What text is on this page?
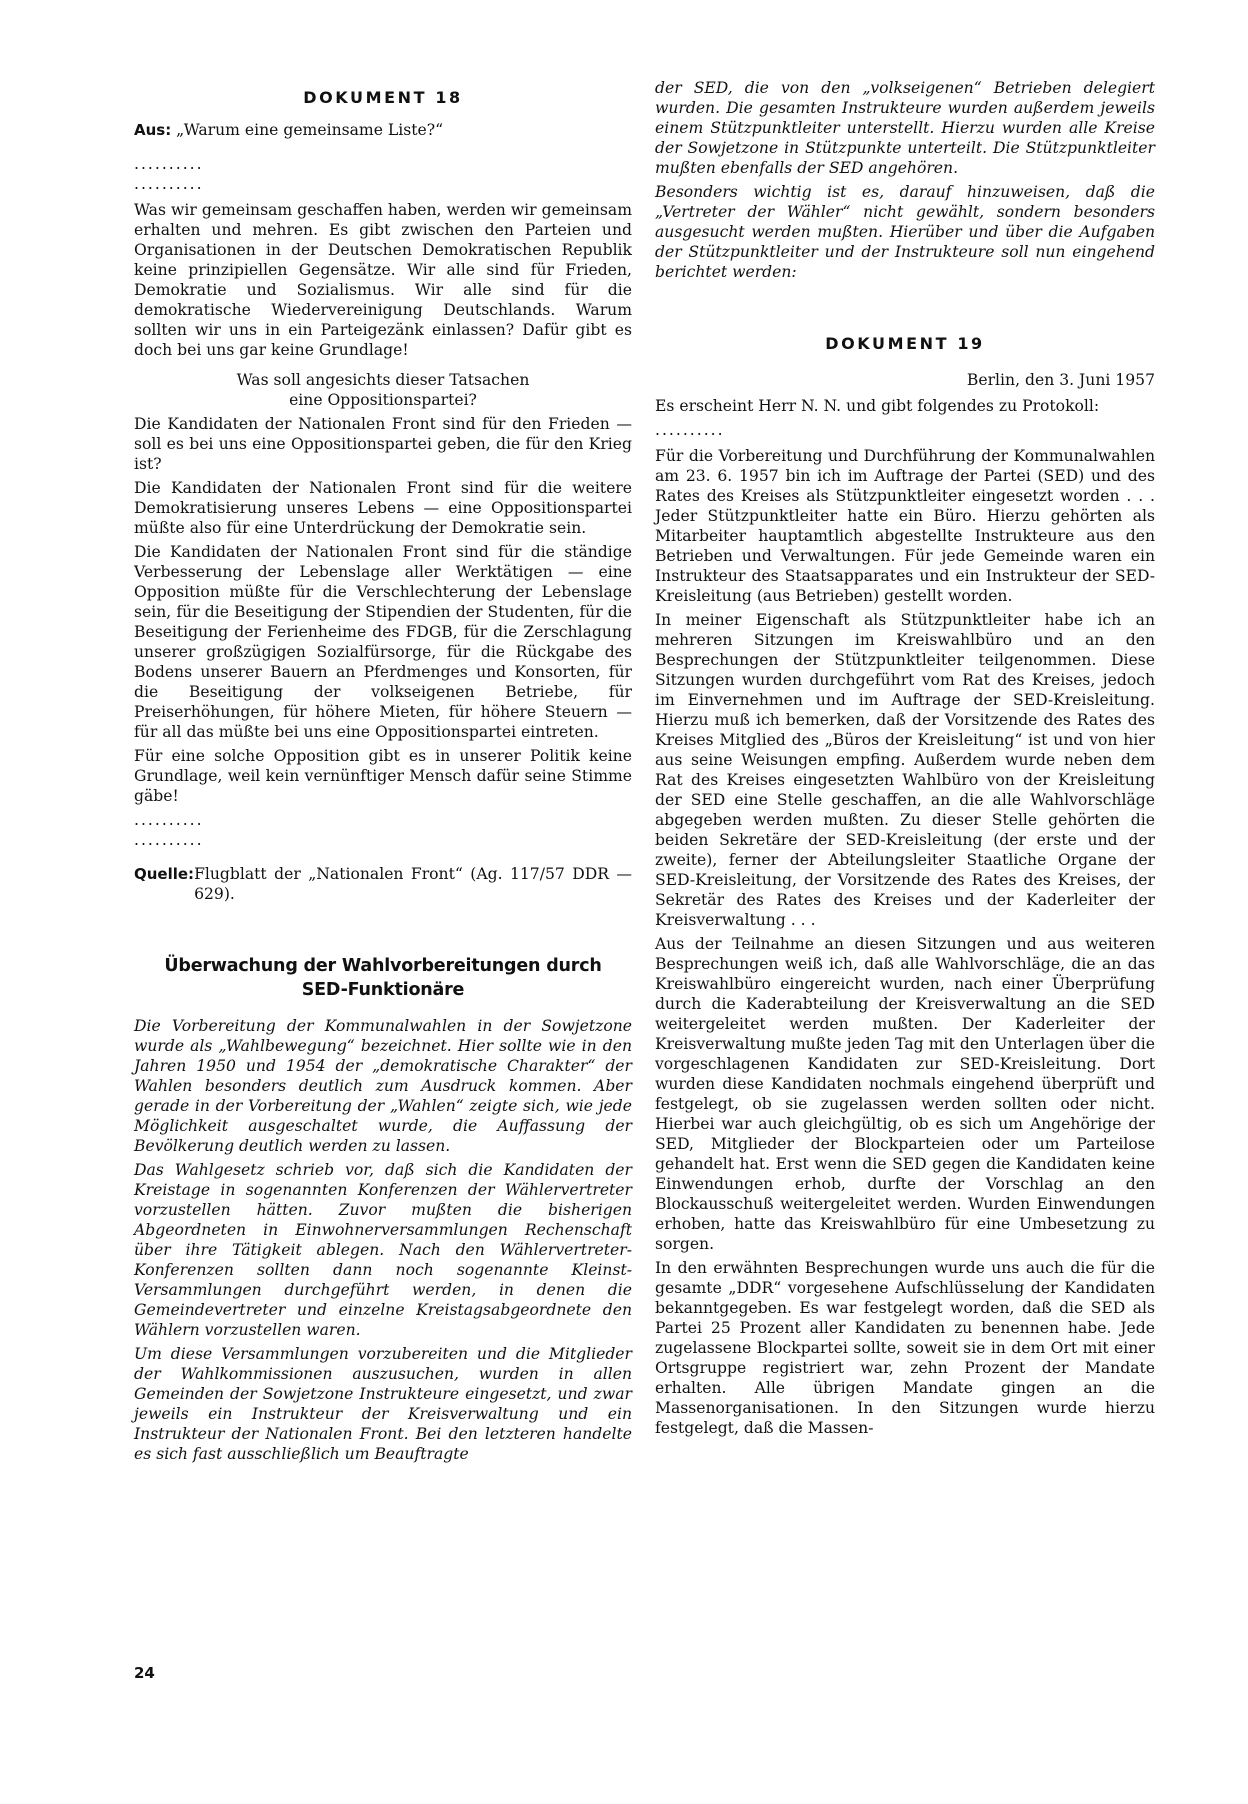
DOKUMENT 18

Aus: „Warum eine gemeinsame Liste?“

..........

..........

Was wir gemeinsam geschaffen haben, werden wir gemeinsam erhalten und mehren. Es gibt zwischen den Parteien und Organisationen in der Deutschen Demokratischen Republik keine prinzipiellen Gegensätze. Wir alle sind für Frieden, Demokratie und Sozialismus. Wir alle sind für die demokratische Wiedervereinigung Deutschlands. Warum sollten wir uns in ein Parteigezänk einlassen? Dafür gibt es doch bei uns gar keine Grundlage!

Was soll angesichts dieser Tatsachen
eine Oppositionspartei?

Die Kandidaten der Nationalen Front sind für den Frieden — soll es bei uns eine Oppositionspartei geben, die für den Krieg ist?

Die Kandidaten der Nationalen Front sind für die weitere Demokratisierung unseres Lebens — eine Oppositionspartei müßte also für eine Unterdrückung der Demokratie sein.

Die Kandidaten der Nationalen Front sind für die ständige Verbesserung der Lebenslage aller Werktätigen — eine Opposition müßte für die Verschlechterung der Lebenslage sein, für die Beseitigung der Stipendien der Studenten, für die Beseitigung der Ferienheime des FDGB, für die Zerschlagung unserer großzügigen Sozialfürsorge, für die Rückgabe des Bodens unserer Bauern an Pferdmenges und Konsorten, für die Beseitigung der volkseigenen Betriebe, für Preiserhöhungen, für höhere Mieten, für höhere Steuern — für all das müßte bei uns eine Oppositionspartei eintreten.

Für eine solche Opposition gibt es in unserer Politik keine Grundlage, weil kein vernünftiger Mensch dafür seine Stimme gäbe!

..........

..........

Quelle: Flugblatt der „Nationalen Front“ (Ag. 117/57 DDR — 629).
Überwachung der Wahlvorbereitungen durch
SED-Funktionäre

Die Vorbereitung der Kommunalwahlen in der Sowjetzone wurde als „Wahlbewegung“ bezeichnet. Hier sollte wie in den Jahren 1950 und 1954 der „demokratische Charakter“ der Wahlen besonders deutlich zum Ausdruck kommen. Aber gerade in der Vorbereitung der „Wahlen“ zeigte sich, wie jede Möglichkeit ausgeschaltet wurde, die Auffassung der Bevölkerung deutlich werden zu lassen.

Das Wahlgesetz schrieb vor, daß sich die Kandidaten der Kreistage in sogenannten Konferenzen der Wählervertreter vorzustellen hätten. Zuvor mußten die bisherigen Abgeordneten in Einwohnerversammlungen Rechenschaft über ihre Tätigkeit ablegen. Nach den Wählervertreter-Konferenzen sollten dann noch sogenannte Kleinst-Versammlungen durchgeführt werden, in denen die Gemeindevertreter und einzelne Kreistagsabgeordnete den Wählern vorzustellen waren.

Um diese Versammlungen vorzubereiten und die Mitglieder der Wahlkommissionen auszusuchen, wurden in allen Gemeinden der Sowjetzone Instrukteure eingesetzt, und zwar jeweils ein Instrukteur der Kreisverwaltung und ein Instrukteur der Nationalen Front. Bei den letzteren handelte es sich fast ausschließlich um Beauftragte

der SED, die von den „volkseigenen“ Betrieben delegiert wurden. Die gesamten Instrukteure wurden außerdem jeweils einem Stützpunktleiter unterstellt. Hierzu wurden alle Kreise der Sowjetzone in Stützpunkte unterteilt. Die Stützpunktleiter mußten ebenfalls der SED angehören.

Besonders wichtig ist es, darauf hinzuweisen, daß die „Vertreter der Wähler“ nicht gewählt, sondern besonders ausgesucht werden mußten. Hierüber und über die Aufgaben der Stützpunktleiter und der Instrukteure soll nun eingehend berichtet werden:

DOKUMENT 19

Berlin, den 3. Juni 1957

Es erscheint Herr N. N. und gibt folgendes zu Protokoll:

..........

Für die Vorbereitung und Durchführung der Kommunalwahlen am 23. 6. 1957 bin ich im Auftrage der Partei (SED) und des Rates des Kreises als Stützpunktleiter eingesetzt worden . . . Jeder Stützpunktleiter hatte ein Büro. Hierzu gehörten als Mitarbeiter hauptamtlich abgestellte Instrukteure aus den Betrieben und Verwaltungen. Für jede Gemeinde waren ein Instrukteur des Staatsapparates und ein Instrukteur der SED-Kreisleitung (aus Betrieben) gestellt worden.

In meiner Eigenschaft als Stützpunktleiter habe ich an mehreren Sitzungen im Kreiswahlbüro und an den Besprechungen der Stützpunktleiter teilgenommen. Diese Sitzungen wurden durchgeführt vom Rat des Kreises, jedoch im Einvernehmen und im Auftrage der SED-Kreisleitung. Hierzu muß ich bemerken, daß der Vorsitzende des Rates des Kreises Mitglied des „Büros der Kreisleitung“ ist und von hier aus seine Weisungen empfing. Außerdem wurde neben dem Rat des Kreises eingesetzten Wahlbüro von der Kreisleitung der SED eine Stelle geschaffen, an die alle Wahlvorschläge abgegeben werden mußten. Zu dieser Stelle gehörten die beiden Sekretäre der SED-Kreisleitung (der erste und der zweite), ferner der Abteilungsleiter Staatliche Organe der SED-Kreisleitung, der Vorsitzende des Rates des Kreises, der Sekretär des Rates des Kreises und der Kaderleiter der Kreisverwaltung . . .

Aus der Teilnahme an diesen Sitzungen und aus weiteren Besprechungen weiß ich, daß alle Wahlvorschläge, die an das Kreiswahlbüro eingereicht wurden, nach einer Überprüfung durch die Kaderabteilung der Kreisverwaltung an die SED weitergeleitet werden mußten. Der Kaderleiter der Kreisverwaltung mußte jeden Tag mit den Unterlagen über die vorgeschlagenen Kandidaten zur SED-Kreisleitung. Dort wurden diese Kandidaten nochmals eingehend überprüft und festgelegt, ob sie zugelassen werden sollten oder nicht. Hierbei war auch gleichgültig, ob es sich um Angehörige der SED, Mitglieder der Blockparteien oder um Parteilose gehandelt hat. Erst wenn die SED gegen die Kandidaten keine Einwendungen erhob, durfte der Vorschlag an den Blockausschuß weitergeleitet werden. Wurden Einwendungen erhoben, hatte das Kreiswahlbüro für eine Umbesetzung zu sorgen.

In den erwähnten Besprechungen wurde uns auch die für die gesamte „DDR“ vorgesehene Aufschlüsselung der Kandidaten bekanntgegeben. Es war festgelegt worden, daß die SED als Partei 25 Prozent aller Kandidaten zu benennen habe. Jede zugelassene Blockpartei sollte, soweit sie in dem Ort mit einer Ortsgruppe registriert war, zehn Prozent der Mandate erhalten. Alle übrigen Mandate gingen an die Massenorganisationen. In den Sitzungen wurde hierzu festgelegt, daß die Massen-

24
